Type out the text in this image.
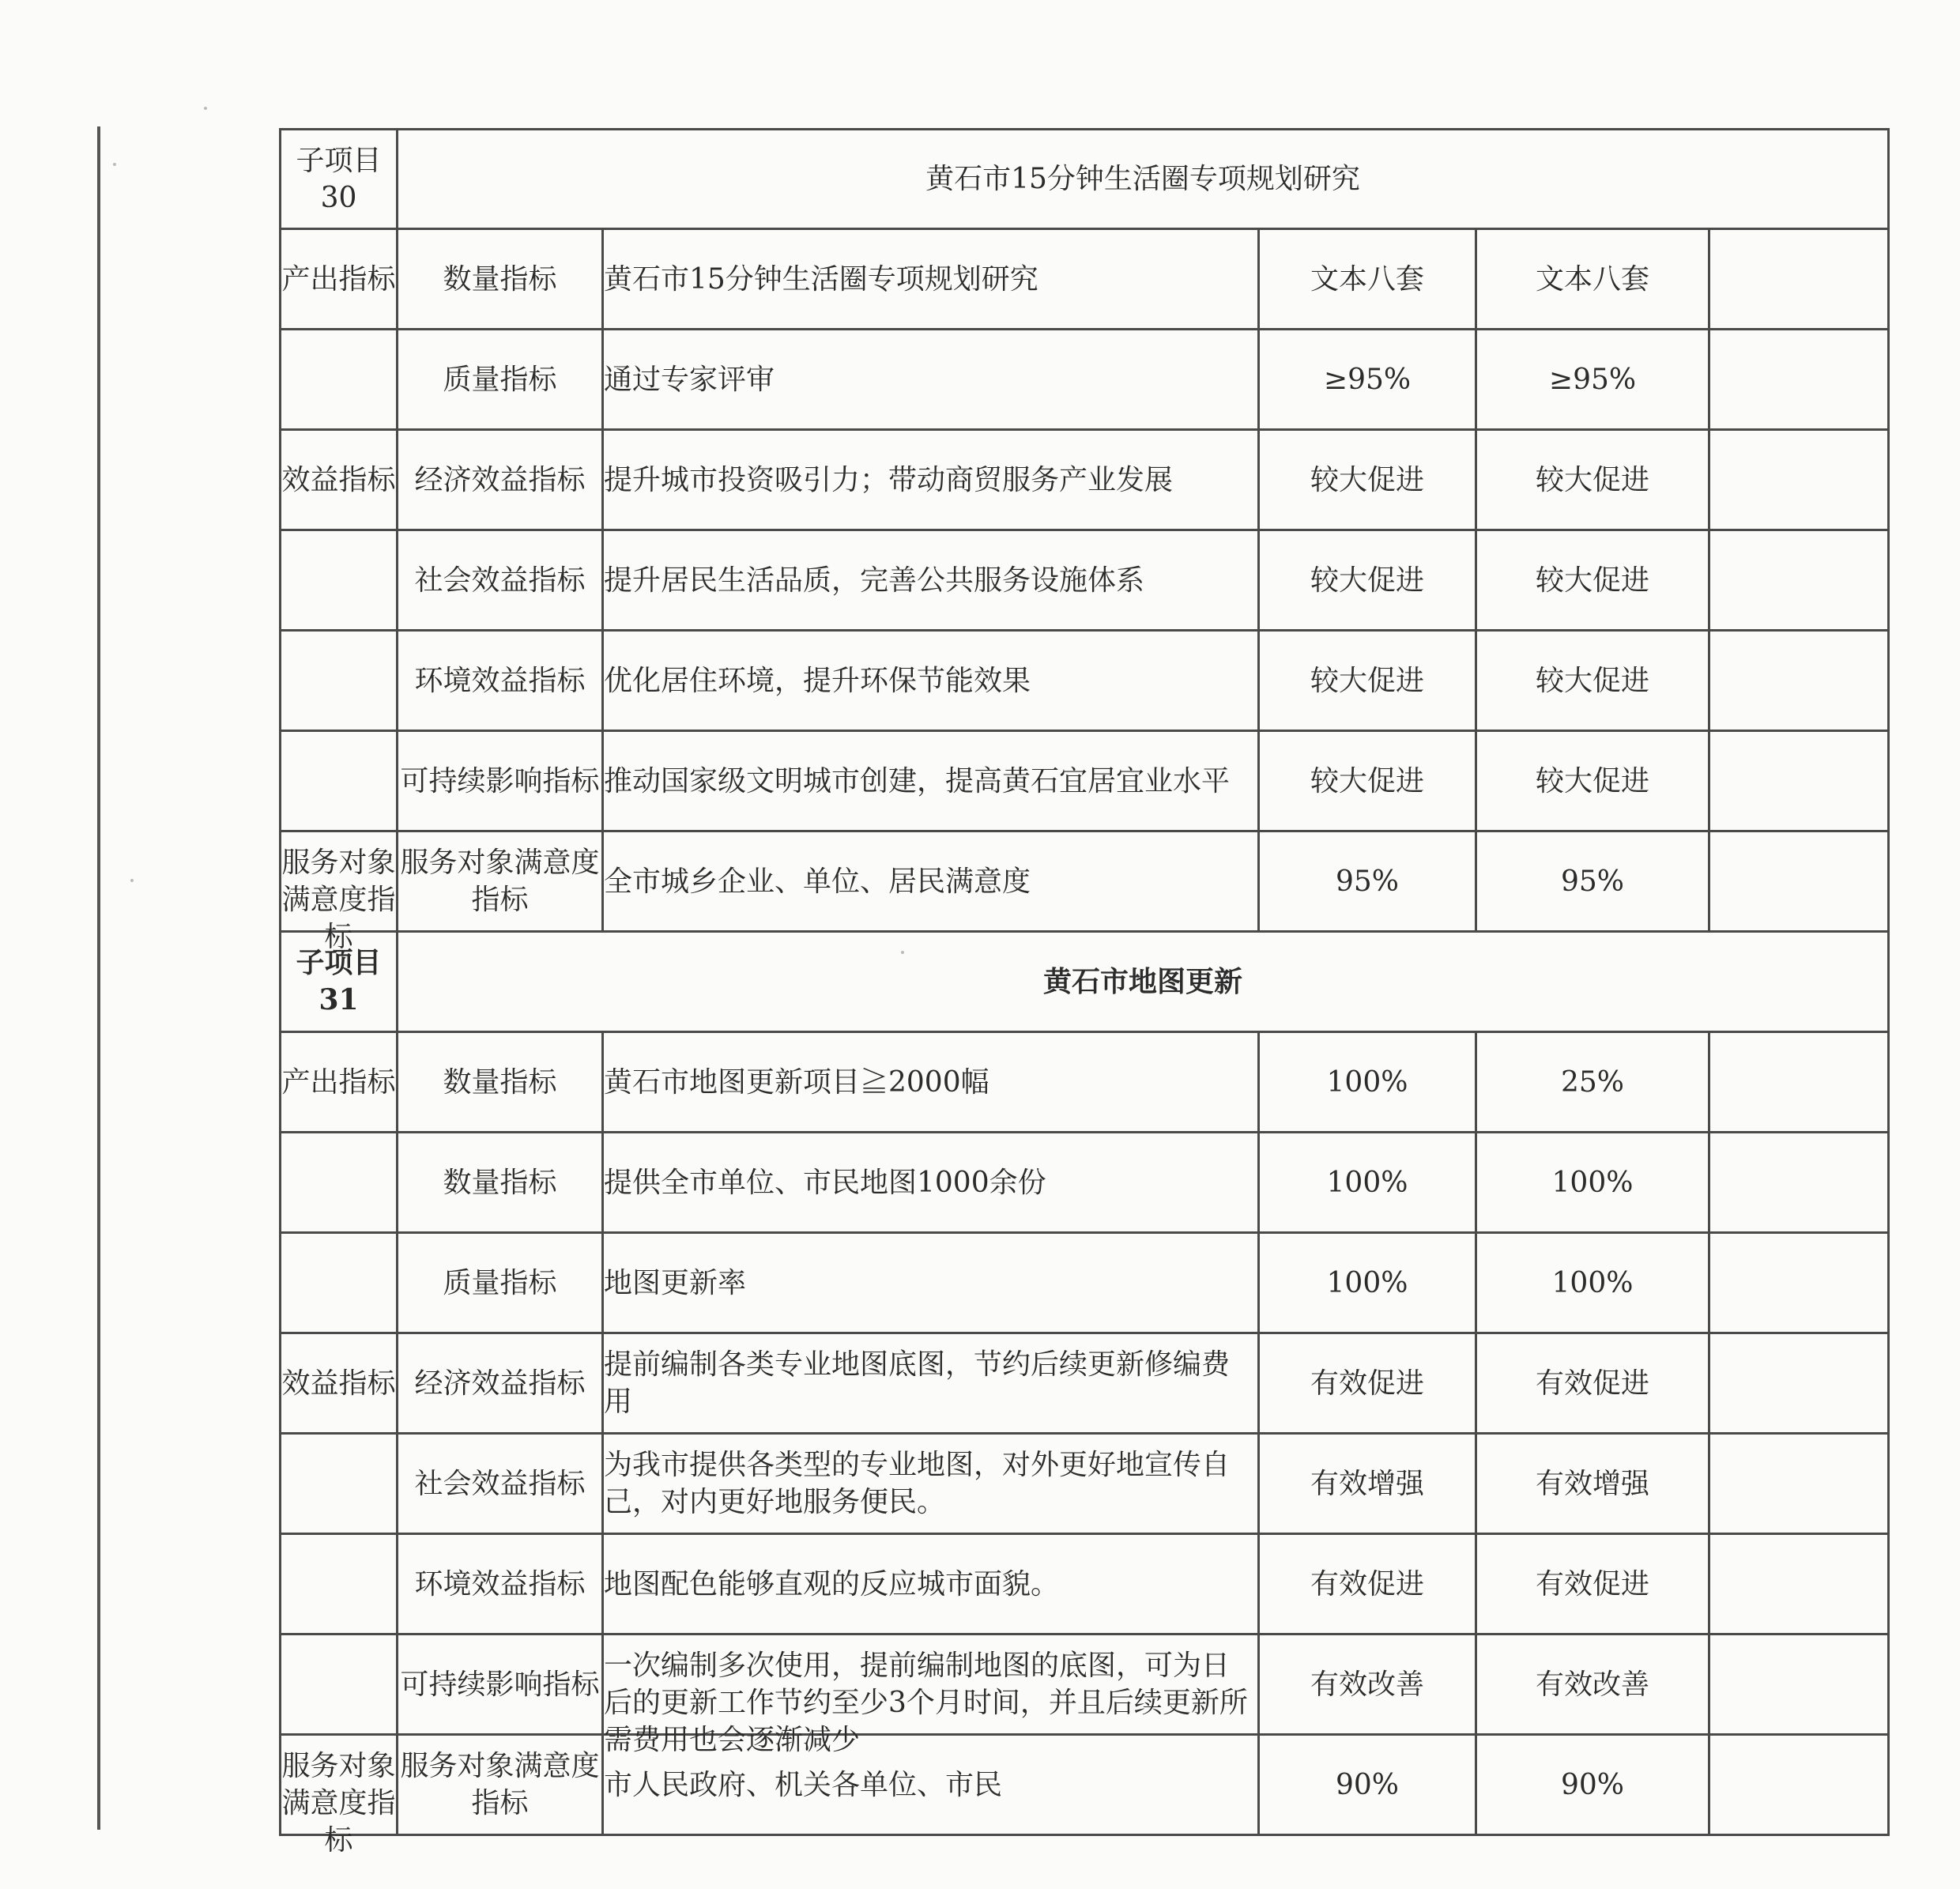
子项目30	黄石市15分钟生活圈专项规划研究				
产出指标	数量指标	黄石市15分钟生活圈专项规划研究	文本八套	文本八套	
	质量指标	通过专家评审	≥95%	≥95%	
效益指标	经济效益指标	提升城市投资吸引力；带动商贸服务产业发展	较大促进	较大促进	
	社会效益指标	提升居民生活品质，完善公共服务设施体系	较大促进	较大促进	
	环境效益指标	优化居住环境，提升环保节能效果	较大促进	较大促进	
	可持续影响指标	推动国家级文明城市创建，提高黄石宜居宜业水平	较大促进	较大促进	

服务对象满意度指标	服务对象满意度指标	全市城乡企业、单位、居民满意度	95%	95%	
子项目31	黄石市地图更新				
产出指标	数量指标	黄石市地图更新项目≧2000幅	100%	25%	
	数量指标	提供全市单位、市民地图1000余份	100%	100%	
	质量指标	地图更新率	100%	100%	
效益指标	经济效益指标	提前编制各类专业地图底图，节约后续更新修编费用	有效促进	有效促进	
	社会效益指标	为我市提供各类型的专业地图，对外更好地宣传自己，对内更好地服务便民。	有效增强	有效增强	
	环境效益指标	地图配色能够直观的反应城市面貌。	有效促进	有效促进	
	可持续影响指标	一次编制多次使用，提前编制地图的底图，可为日后的更新工作节约至少3个月时间，并且后续更新所需费用也会逐渐减少	有效改善	有效改善	

服务对象满意度指标	服务对象满意度指标	市人民政府、机关各单位、市民	90%	90%	
